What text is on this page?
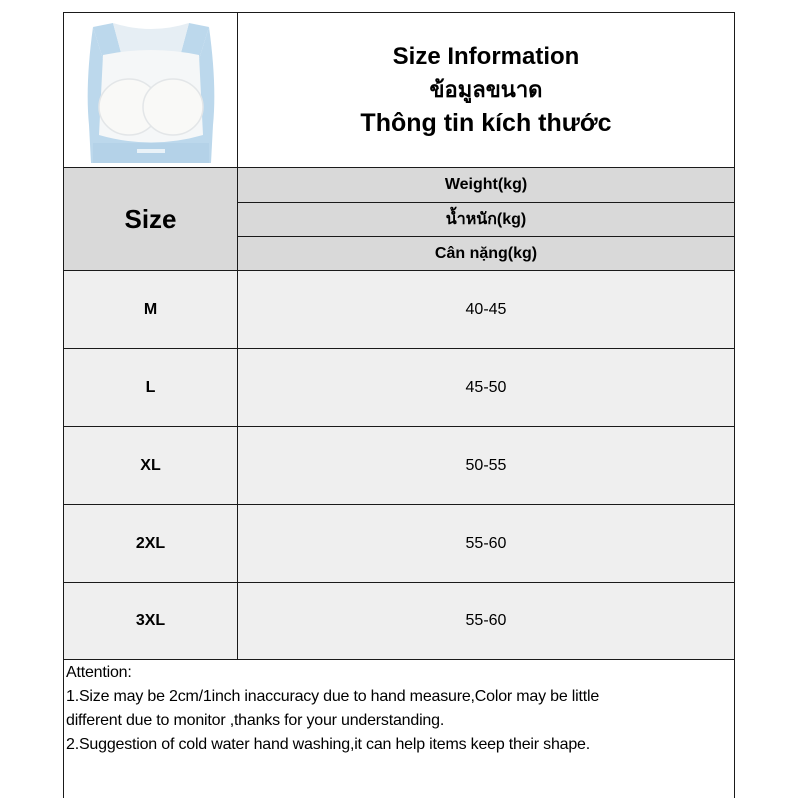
Size Information
ข้อมูลขนาด
Thông tin kích thước
Size
Weight(kg)
น้ำหนัก(kg)
Cân nặng(kg)
M	40-45
L	45-50
XL	50-55
2XL	55-60
3XL	55-60
Attention:
1.Size may be 2cm/1inch inaccuracy due to hand measure,Color may be little
different due to monitor ,thanks for your understanding.
2.Suggestion of cold water hand washing,it can help items keep their shape.
